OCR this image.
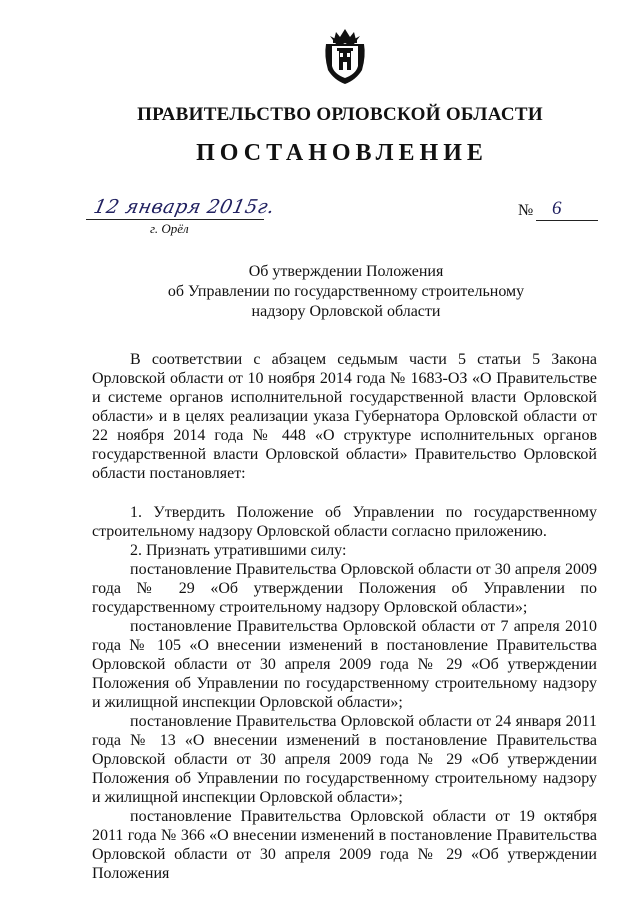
ПРАВИТЕЛЬСТВО ОРЛОВСКОЙ ОБЛАСТИ
ПОСТАНОВЛЕНИЕ
12 января 2015г.
г. Орёл
№ 6
Об утверждении Положения
об Управлении по государственному строительному
надзору Орловской области

В соответствии с абзацем седьмым части 5 статьи 5 Закона Орловской области от 10 ноября 2014 года № 1683-ОЗ «О Правительстве и системе органов исполнительной государственной власти Орловской области» и в целях реализации указа Губернатора Орловской области от 22 ноября 2014 года № 448 «О структуре исполнительных органов государственной власти Орловской области» Правительство Орловской области постановляет:

1. Утвердить Положение об Управлении по государственному строительному надзору Орловской области согласно приложению.

2. Признать утратившими силу:

постановление Правительства Орловской области от 30 апреля 2009 года № 29 «Об утверждении Положения об Управлении по государственному строительному надзору Орловской области»;

постановление Правительства Орловской области от 7 апреля 2010 года № 105 «О внесении изменений в постановление Правительства Орловской области от 30 апреля 2009 года № 29 «Об утверждении Положения об Управлении по государственному строительному надзору и жилищной инспекции Орловской области»;

постановление Правительства Орловской области от 24 января 2011 года № 13 «О внесении изменений в постановление Правительства Орловской области от 30 апреля 2009 года № 29 «Об утверждении Положения об Управлении по государственному строительному надзору и жилищной инспекции Орловской области»;

постановление Правительства Орловской области от 19 октября 2011 года № 366 «О внесении изменений в постановление Правительства Орловской области от 30 апреля 2009 года № 29 «Об утверждении Положения
